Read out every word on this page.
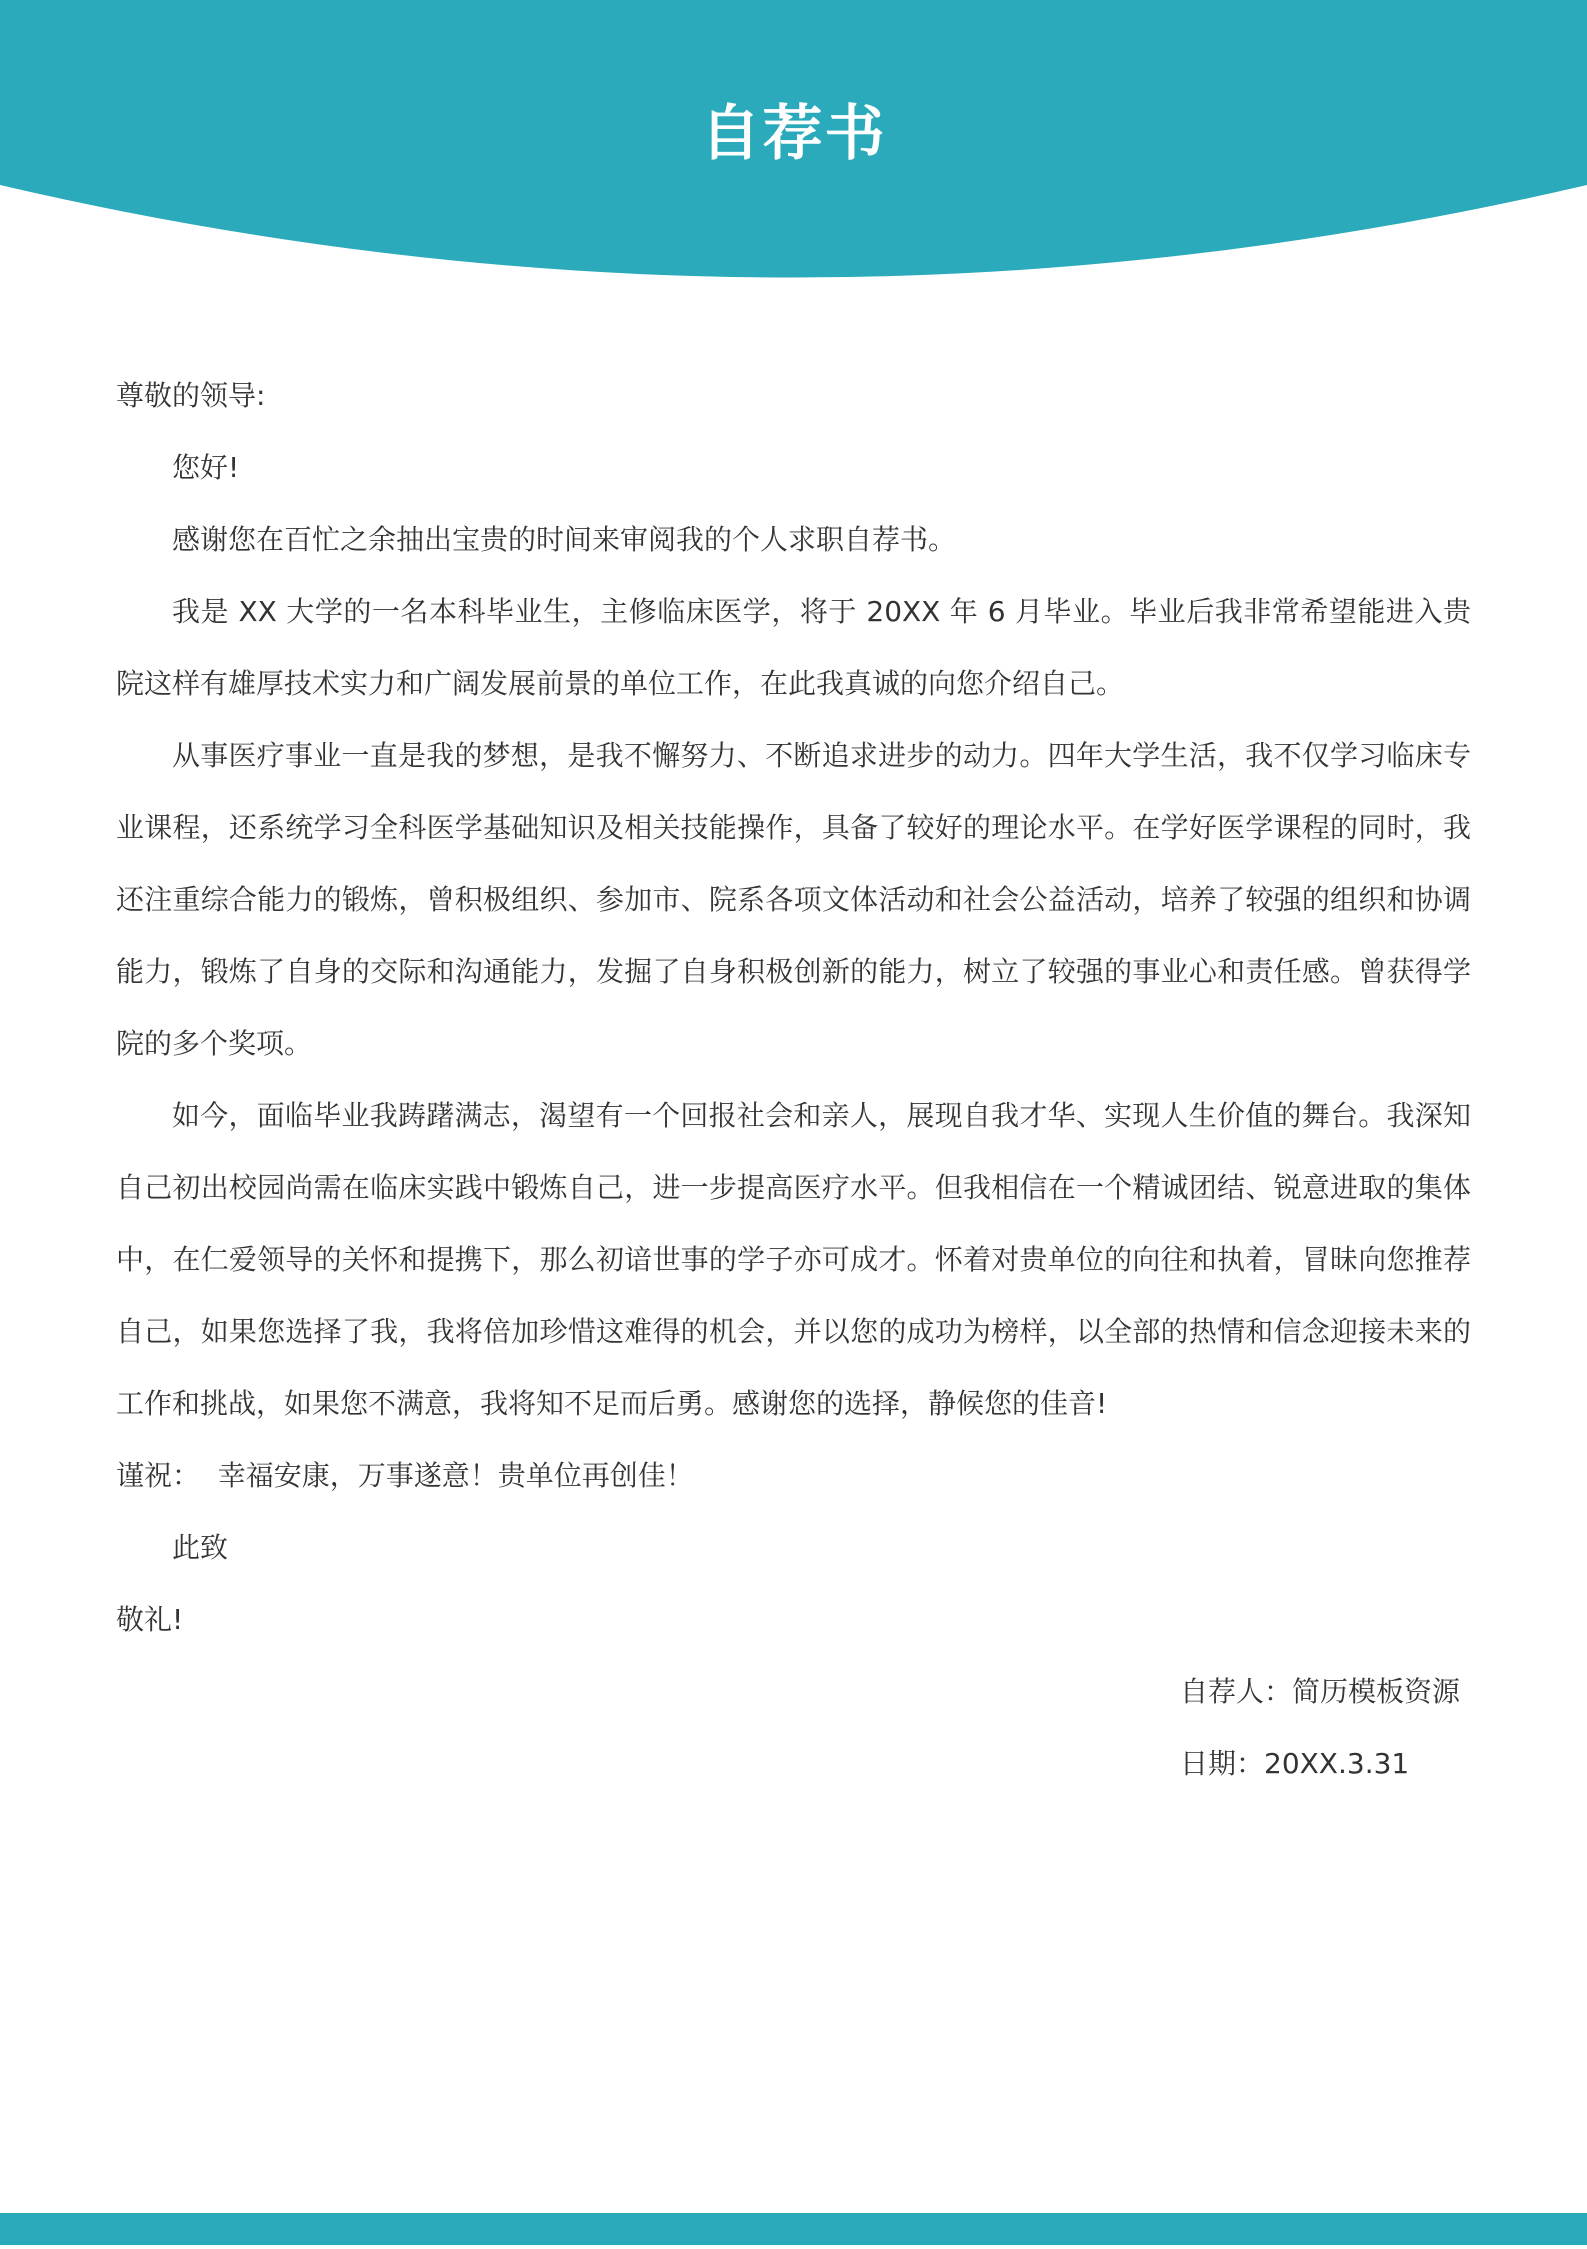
自荐书

尊敬的领导:

您好!

感谢您在百忙之余抽出宝贵的时间来审阅我的个人求职自荐书。

我是 XX 大学的一名本科毕业生，主修临床医学，将于 20XX 年 6 月毕业。毕业后我非常希望能进入贵院这样有雄厚技术实力和广阔发展前景的单位工作，在此我真诚的向您介绍自己。

从事医疗事业一直是我的梦想，是我不懈努力、不断追求进步的动力。四年大学生活，我不仅学习临床专业课程，还系统学习全科医学基础知识及相关技能操作，具备了较好的理论水平。在学好医学课程的同时，我还注重综合能力的锻炼，曾积极组织、参加市、院系各项文体活动和社会公益活动，培养了较强的组织和协调能力，锻炼了自身的交际和沟通能力，发掘了自身积极创新的能力，树立了较强的事业心和责任感。曾获得学院的多个奖项。

如今，面临毕业我踌躇满志，渴望有一个回报社会和亲人，展现自我才华、实现人生价值的舞台。我深知自己初出校园尚需在临床实践中锻炼自己，进一步提高医疗水平。但我相信在一个精诚团结、锐意进取的集体中，在仁爱领导的关怀和提携下，那么初谙世事的学子亦可成才。怀着对贵单位的向往和执着，冒昧向您推荐自己，如果您选择了我，我将倍加珍惜这难得的机会，并以您的成功为榜样，以全部的热情和信念迎接未来的工作和挑战，如果您不满意，我将知不足而后勇。感谢您的选择，静候您的佳音!

谨祝：  幸福安康，万事遂意！贵单位再创佳！

此致

敬礼!

自荐人：简历模板资源

日期：20XX.3.31
